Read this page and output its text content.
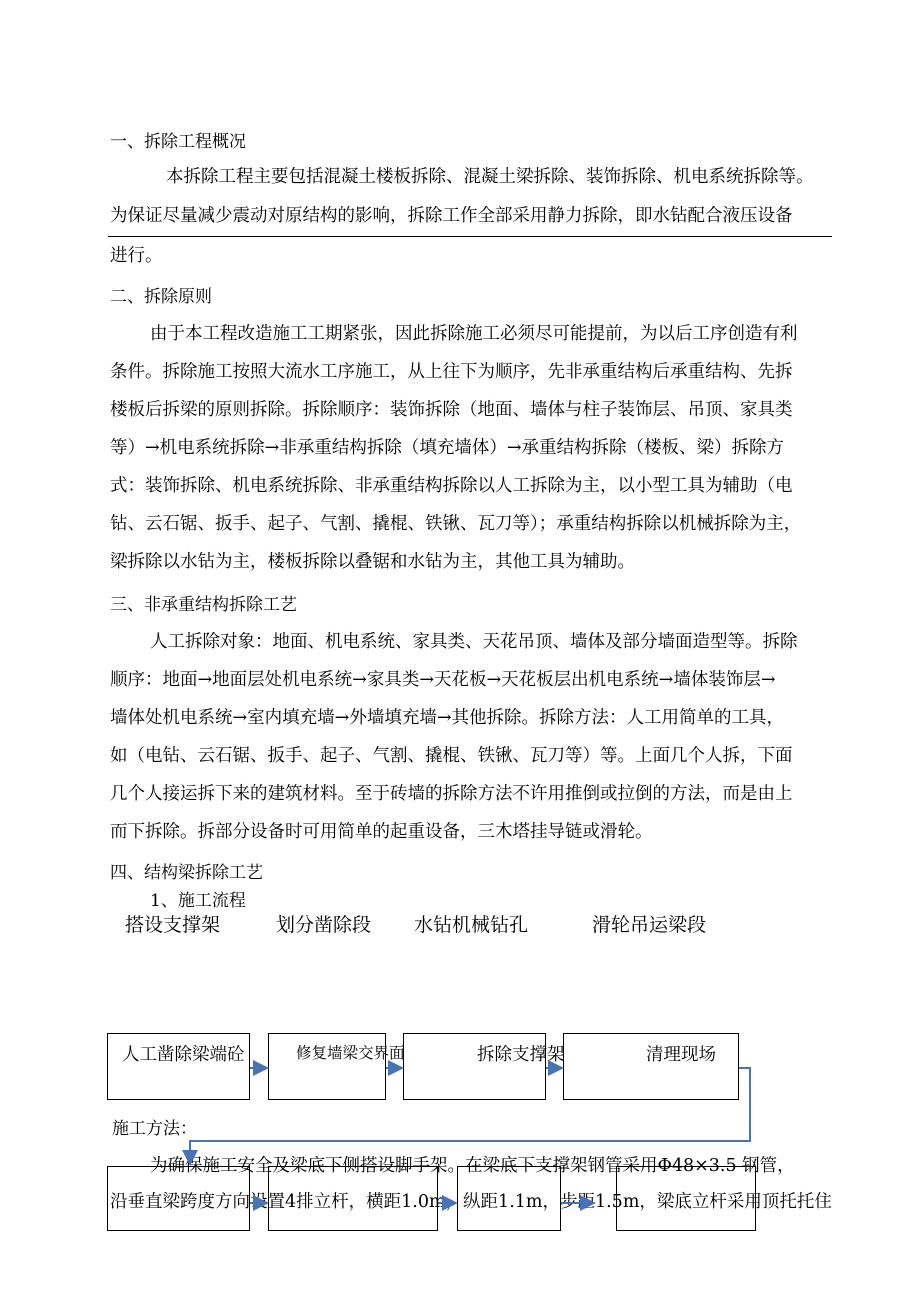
一、拆除工程概况
本拆除工程主要包括混凝土楼板拆除、混凝土梁拆除、装饰拆除、机电系统拆除等。
为保证尽量减少震动对原结构的影响，拆除工作全部采用静力拆除，即水钻配合液压设备
进行。
二、拆除原则
由于本工程改造施工工期紧张，因此拆除施工必须尽可能提前，为以后工序创造有利
条件。拆除施工按照大流水工序施工，从上往下为顺序，先非承重结构后承重结构、先拆
楼板后拆梁的原则拆除。拆除顺序：装饰拆除（地面、墙体与柱子装饰层、吊顶、家具类
等）→机电系统拆除→非承重结构拆除（填充墙体）→承重结构拆除（楼板、梁）拆除方
式：装饰拆除、机电系统拆除、非承重结构拆除以人工拆除为主，以小型工具为辅助（电
钻、云石锯、扳手、起子、气割、撬棍、铁锹、瓦刀等）；承重结构拆除以机械拆除为主，
梁拆除以水钻为主，楼板拆除以叠锯和水钻为主，其他工具为辅助。
三、非承重结构拆除工艺
人工拆除对象：地面、机电系统、家具类、天花吊顶、墙体及部分墙面造型等。拆除
顺序：地面→地面层处机电系统→家具类→天花板→天花板层出机电系统→墙体装饰层→
墙体处机电系统→室内填充墙→外墙填充墙→其他拆除。拆除方法：人工用简单的工具，
如（电钻、云石锯、扳手、起子、气割、撬棍、铁锹、瓦刀等）等。上面几个人拆，下面
几个人接运拆下来的建筑材料。至于砖墙的拆除方法不许用推倒或拉倒的方法，而是由上
而下拆除。拆部分设备时可用简单的起重设备，三木塔挂导链或滑轮。
四、结构梁拆除工艺
1、施工流程
搭设支撑架	划分凿除段 水钻机械钻孔	滑轮吊运梁段
人工凿除梁端砼	修复墙梁交界面	拆除支撑架	清理现场
施工方法：
为确保施工安全及梁底下侧搭设脚手架。在梁底下支撑架钢管采用Φ48×3.5 钢管，
沿垂直梁跨度方向设置4排立杆，横距1.0m，纵距1.1m，步距1.5m，梁底立杆采用顶托托住
